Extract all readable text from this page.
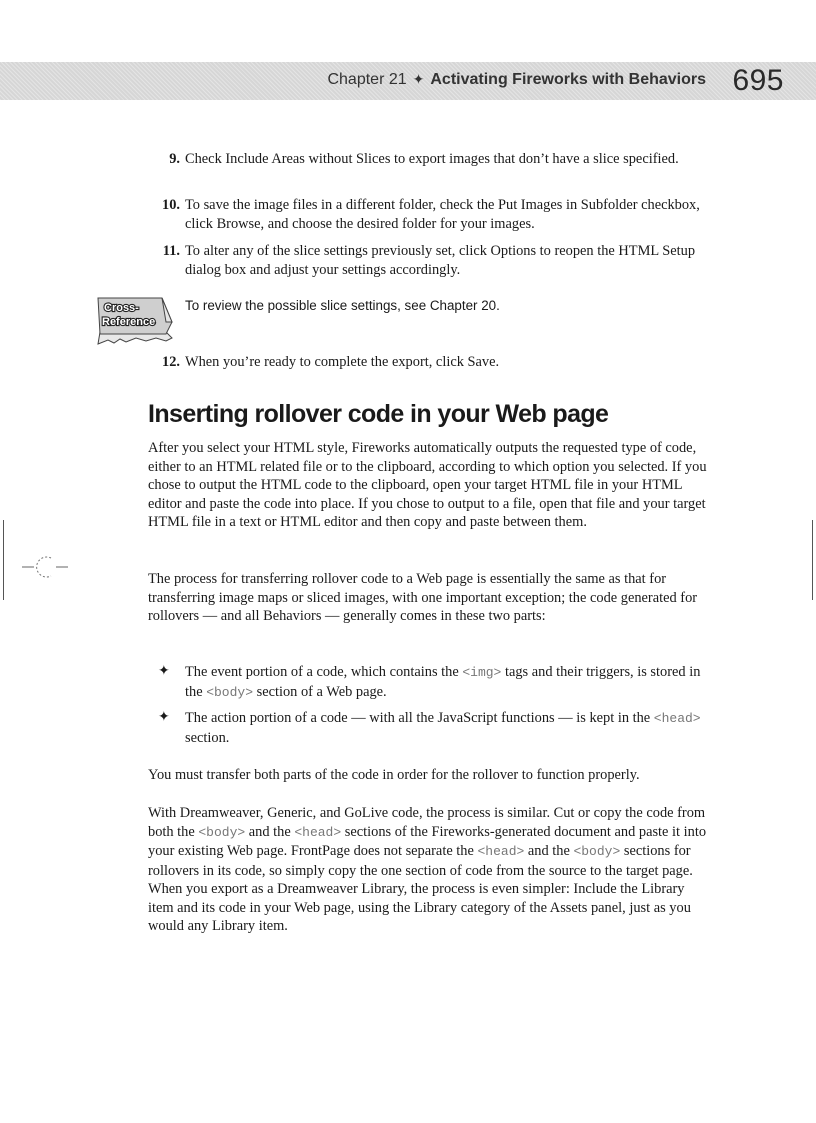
Chapter 21 ✦ Activating Fireworks with Behaviors 695
9. Check Include Areas without Slices to export images that don’t have a slice specified.
10. To save the image files in a different folder, check the Put Images in Subfolder checkbox, click Browse, and choose the desired folder for your images.
11. To alter any of the slice settings previously set, click Options to reopen the HTML Setup dialog box and adjust your settings accordingly.
Cross-
Reference
To review the possible slice settings, see Chapter 20.
12. When you’re ready to complete the export, click Save.
Inserting rollover code in your Web page
After you select your HTML style, Fireworks automatically outputs the requested type of code, either to an HTML related file or to the clipboard, according to which option you selected. If you chose to output the HTML code to the clipboard, open your target HTML file in your HTML editor and paste the code into place. If you chose to output to a file, open that file and your target HTML file in a text or HTML editor and then copy and paste between them.
The process for transferring rollover code to a Web page is essentially the same as that for transferring image maps or sliced images, with one important exception; the code generated for rollovers — and all Behaviors — generally comes in these two parts:
✦ The event portion of a code, which contains the <img> tags and their triggers, is stored in the <body> section of a Web page.
✦ The action portion of a code — with all the JavaScript functions — is kept in the <head> section.
You must transfer both parts of the code in order for the rollover to function properly.
With Dreamweaver, Generic, and GoLive code, the process is similar. Cut or copy the code from both the <body> and the <head> sections of the Fireworks-generated document and paste it into your existing Web page. FrontPage does not separate the <head> and the <body> sections for rollovers in its code, so simply copy the one section of code from the source to the target page. When you export as a Dreamweaver Library, the process is even simpler: Include the Library item and its code in your Web page, using the Library category of the Assets panel, just as you would any Library item.
